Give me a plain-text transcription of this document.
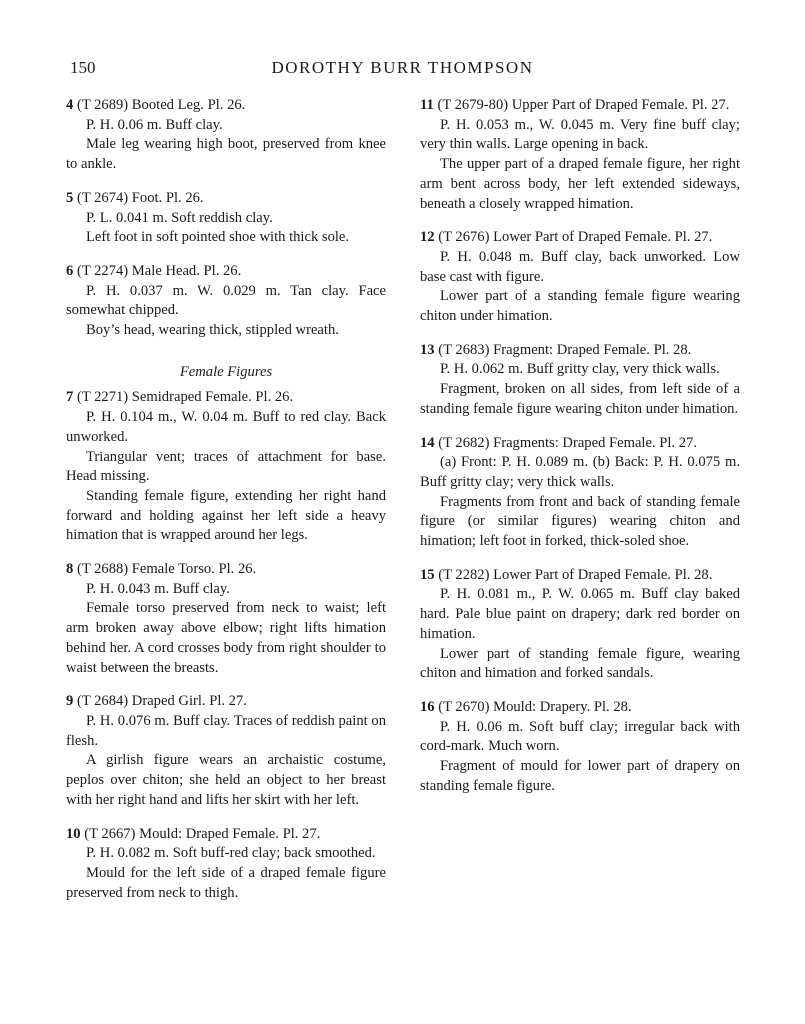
150	DOROTHY BURR THOMPSON

4 (T 2689) Booted Leg. Pl. 26.

P. H. 0.06 m. Buff clay.

Male leg wearing high boot, preserved from knee to ankle.

5 (T 2674) Foot. Pl. 26.

P. L. 0.041 m. Soft reddish clay.

Left foot in soft pointed shoe with thick sole.

6 (T 2274) Male Head. Pl. 26.

P. H. 0.037 m. W. 0.029 m. Tan clay. Face somewhat chipped.

Boy’s head, wearing thick, stippled wreath.

Female Figures

7 (T 2271) Semidraped Female. Pl. 26.

P. H. 0.104 m., W. 0.04 m. Buff to red clay. Back unworked.

Triangular vent; traces of attachment for base. Head missing.

Standing female figure, extending her right hand forward and holding against her left side a heavy himation that is wrapped around her legs.

8 (T 2688) Female Torso. Pl. 26.

P. H. 0.043 m. Buff clay.

Female torso preserved from neck to waist; left arm broken away above elbow; right lifts himation behind her. A cord crosses body from right shoulder to waist between the breasts.

9 (T 2684) Draped Girl. Pl. 27.

P. H. 0.076 m. Buff clay. Traces of reddish paint on flesh.

A girlish figure wears an archaistic costume, peplos over chiton; she held an object to her breast with her right hand and lifts her skirt with her left.

10 (T 2667) Mould: Draped Female. Pl. 27.

P. H. 0.082 m. Soft buff-red clay; back smoothed.

Mould for the left side of a draped female figure preserved from neck to thigh.

11 (T 2679-80) Upper Part of Draped Female. Pl. 27.

P. H. 0.053 m., W. 0.045 m. Very fine buff clay; very thin walls. Large opening in back.

The upper part of a draped female figure, her right arm bent across body, her left extended sideways, beneath a closely wrapped himation.

12 (T 2676) Lower Part of Draped Female. Pl. 27.

P. H. 0.048 m. Buff clay, back unworked. Low base cast with figure.

Lower part of a standing female figure wearing chiton under himation.

13 (T 2683) Fragment: Draped Female. Pl. 28.

P. H. 0.062 m. Buff gritty clay, very thick walls.

Fragment, broken on all sides, from left side of a standing female figure wearing chiton under himation.

14 (T 2682) Fragments: Draped Female. Pl. 27.

(a) Front: P. H. 0.089 m. (b) Back: P. H. 0.075 m. Buff gritty clay; very thick walls.

Fragments from front and back of standing female figure (or similar figures) wearing chiton and himation; left foot in forked, thick-soled shoe.

15 (T 2282) Lower Part of Draped Female. Pl. 28.

P. H. 0.081 m., P. W. 0.065 m. Buff clay baked hard. Pale blue paint on drapery; dark red border on himation.

Lower part of standing female figure, wearing chiton and himation and forked sandals.

16 (T 2670) Mould: Drapery. Pl. 28.

P. H. 0.06 m. Soft buff clay; irregular back with cord-mark. Much worn.

Fragment of mould for lower part of drapery on standing female figure.
